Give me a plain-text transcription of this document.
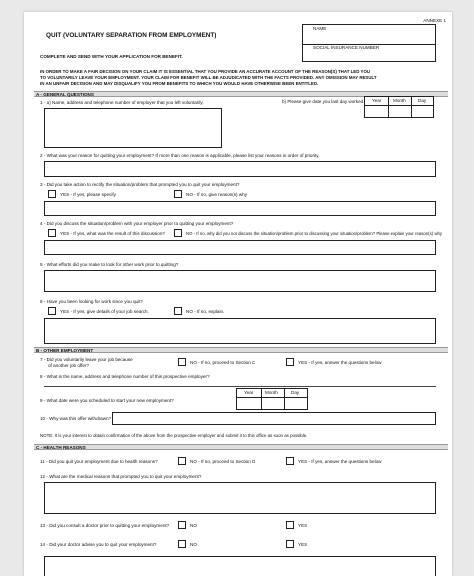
ANNEXE 1
QUIT (VOLUNTARY SEPARATION FROM EMPLOYMENT)
NAME
SOCIAL INSURANCE NUMBER
COMPLETE AND SEND WITH YOUR APPLICATION FOR BENEFIT.
IN ORDER TO MAKE A FAIR DECISION ON YOUR CLAIM IT IS ESSENTIAL THAT YOU PROVIDE AN ACCURATE ACCOUNT OF THE REASON(S) THAT LED YOU
TO VOLUNTARILY LEAVE YOUR EMPLOYMENT. YOUR CLAIM FOR BENEFIT WILL BE ADJUDICATED WITH THE FACTS PROVIDED. ANY OMISSION MAY RESULT
IN AN UNFAIR DECISION AND MAY DISQUALIFY YOU FROM BENEFITS TO WHICH YOU WOULD HAVE OTHERWISE BEEN ENTITLED.
A - GENERAL QUESTIONS
1 - a) Name, address and telephone number of employer that you left voluntarily.	b) Please give date you last day worked. Year	Month	Day
2 - What was your reason for quitting your employment? If more than one reason is applicable, please list your reasons in order of priority.
3 - Did you take action to rectify the situation/problem that prompted you to quit your employment?
YES - If yes, please specify	NO - If no, give reason(s) why
4 - Did you discuss the situation/problem with your employer prior to quitting your employment?
YES - If yes, what was the result of this discussion?	NO - If no, why did you not discuss the situation/problem prior to discussing your situation/problem? Please explain your reason(s) why
5 - What efforts did you make to look for other work prior to quitting?
6 - Have you been looking for work since you quit?
YES - If yes, give details of your job search.	NO - If no, explain.
B - OTHER EMPLOYMENT
7 - Did you voluntarily leave your job because
of another job offer?
NO - If no, proceed to Section C	YES - If yes, answer the questions below
8 - What is the name, address and telephone number of this prospective employer?
9 - What date were you scheduled to start your new employment?
Year	Month	Day
10 - Why was this offer withdrawn?
NOTE: It is your interest to obtain confirmation of the above from the prospective employer and submit it to this office as soon as possible.
C - HEALTH REASONS
11 - Did you quit your employment due to health reasons?	NO - If no, proceed to Section D	YES - If yes, answer the questions below
12 - What are the medical reasons that prompted you to quit your employment?
13 - Did you consult a doctor prior to quitting your employment?	NO	YES
14 - Did your doctor advise you to quit your employment?	NO	YES
